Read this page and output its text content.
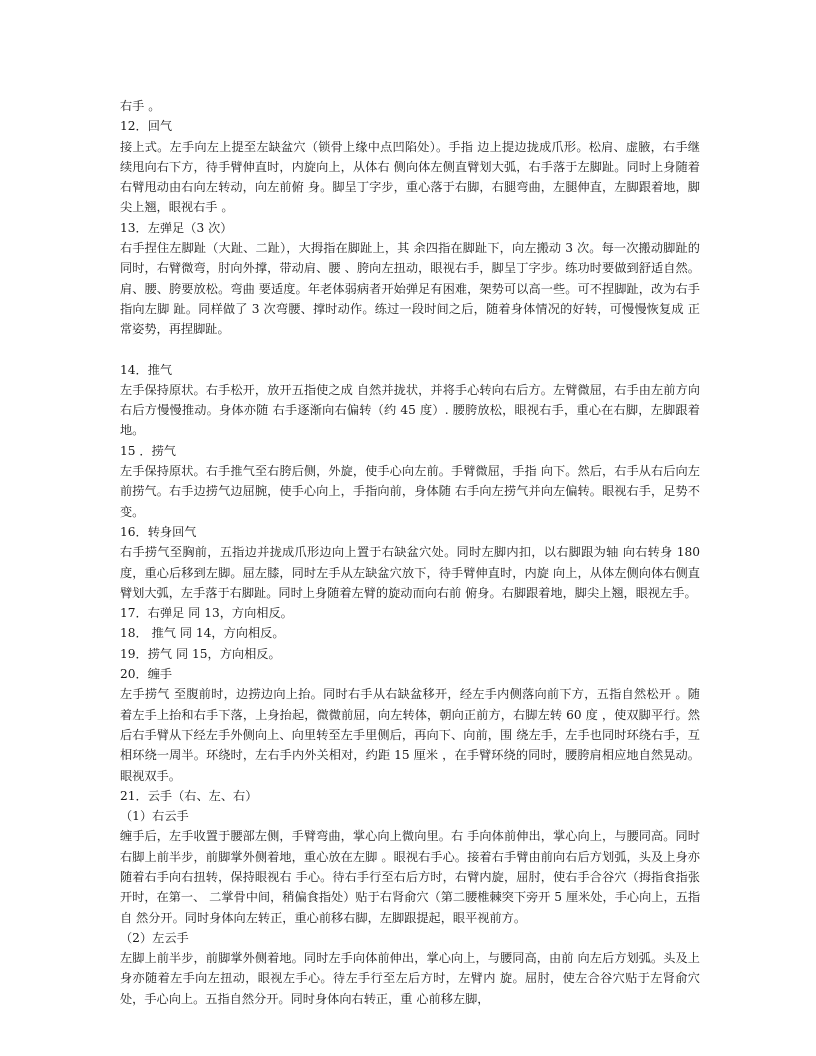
右手 。

12．回气

接上式。左手向左上提至左缺盆穴（锁骨上缘中点凹陷处）。手指 边上提边拢成爪形。松肩、虚腋，右手继续甩向右下方，待手臂伸直时，内旋向上，从体右 侧向体左侧直臂划大弧，右手落于左脚趾。同时上身随着右臂甩动由右向左转动，向左前俯 身。脚呈丁字步，重心落于右脚，右腿弯曲，左腿伸直，左脚跟着地，脚尖上翘，眼视右手 。

13．左弹足（3 次）

右手捏住左脚趾（大趾、二趾），大拇指在脚趾上，其 余四指在脚趾下，向左搬动 3 次。每一次搬动脚趾的同时，右臂微弯，肘向外撑，带动肩、腰 、胯向左扭动，眼视右手，脚呈丁字步。练功时要做到舒适自然。肩、腰、胯要放松。弯曲 要适度。年老体弱病者开始弹足有困难，架势可以高一些。可不捏脚趾，改为右手指向左脚 趾。同样做了 3 次弯腰、撑时动作。练过一段时间之后，随着身体情况的好转，可慢慢恢复成 正常姿势，再捏脚趾。

14．推气

左手保持原状。右手松开，放开五指使之成 自然并拢状，并将手心转向右后方。左臂微屈，右手由左前方向右后方慢慢推动。身体亦随 右手逐渐向右偏转（约 45 度）. 腰胯放松，眼视右手，重心在右脚，左脚跟着地。

15 ．捞气

左手保持原状。右手推气至右胯后侧，外旋，使手心向左前。手臂微屈，手指 向下。然后，右手从右后向左前捞气。右手边捞气边屈腕，使手心向上，手指向前，身体随 右手向左捞气并向左偏转。眼视右手，足势不变。

16．转身回气

右手捞气至胸前，五指边并拢成爪形边向上置于右缺盆穴处。同时左脚内扣，以右脚跟为轴 向右转身 180 度，重心后移到左脚。屈左膝，同时左手从左缺盆穴放下，待手臂伸直时，内旋 向上，从体左侧向体右侧直臂划大弧，左手落于右脚趾。同时上身随着左臂的旋动而向右前 俯身。右脚跟着地，脚尖上翘，眼视左手。

17．右弹足 同 13，方向相反。

18． 推气 同 14，方向相反。

19．捞气 同 15，方向相反。

20．缠手

左手捞气 至腹前时，边捞边向上抬。同时右手从右缺盆移开，经左手内侧落向前下方，五指自然松开 。随着左手上抬和右手下落，上身抬起，微微前屈，向左转体，朝向正前方，右脚左转 60 度 ，使双脚平行。然后右手臂从下经左手外侧向上、向里转至左手里侧后，再向下、向前，围 绕左手，左手也同时环绕右手，互相环绕一周半。环绕时，左右手内外关相对，约距 15 厘米 ，在手臂环绕的同时，腰胯肩相应地自然晃动。眼视双手。

21．云手（右、左、右）

（1）右云手

缠手后，左手收置于腰部左侧，手臂弯曲，掌心向上微向里。右 手向体前伸出，掌心向上，与腰同高。同时右脚上前半步，前脚掌外侧着地，重心放在左脚 。眼视右手心。接着右手臂由前向右后方划弧，头及上身亦随着右手向右扭转，保持眼视右 手心。待右手行至右后方时，右臂内旋，屈肘，使右手合谷穴（拇指食指张开时，在第一、 二掌骨中间，稍偏食指处）贴于右肾俞穴（第二腰椎棘突下旁开 5 厘米处，手心向上，五指自 然分开。同时身体向左转正，重心前移右脚，左脚跟提起，眼平视前方。

（2）左云手

左脚上前半步，前脚掌外侧着地。同时左手向体前伸出，掌心向上，与腰同高，由前 向左后方划弧。头及上身亦随着左手向左扭动，眼视左手心。待左手行至左后方时，左臂内 旋。屈肘，使左合谷穴贴于左肾俞穴处，手心向上。五指自然分开。同时身体向右转正，重 心前移左脚，
